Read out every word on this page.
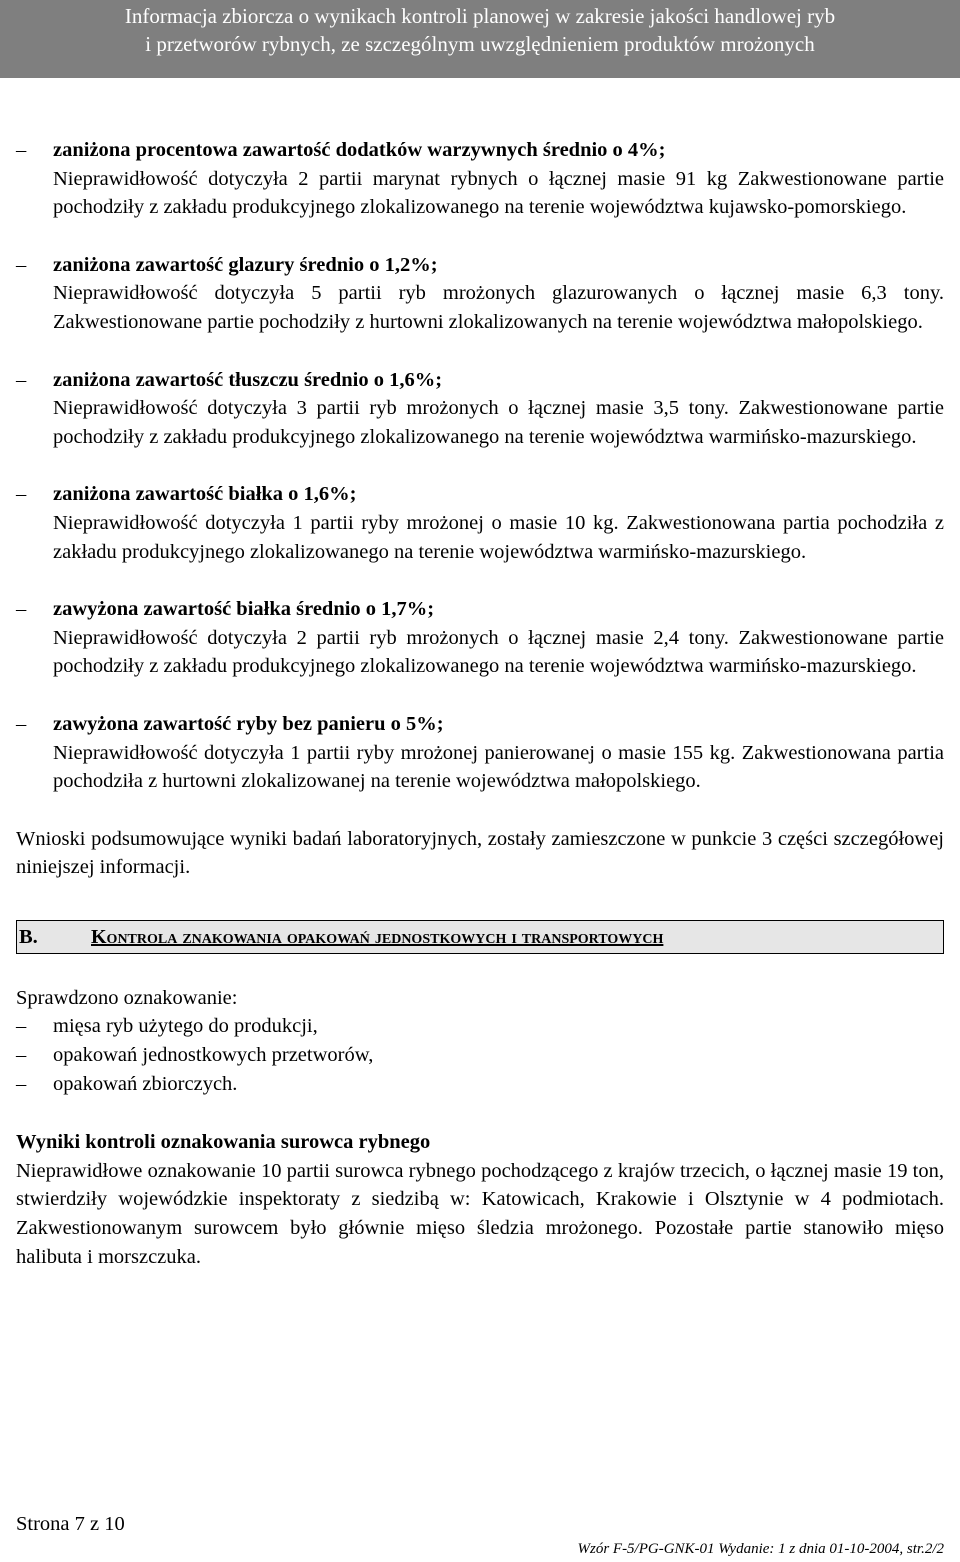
Informacja zbiorcza o wynikach kontroli planowej w zakresie jakości handlowej ryb
i przetworów rybnych, ze szczególnym uwzględnieniem produktów mrożonych
–	zaniżona procentowa zawartość dodatków warzywnych średnio o 4%;
Nieprawidłowość dotyczyła 2 partii marynat rybnych o łącznej masie 91 kg Zakwestionowane partie pochodziły z zakładu produkcyjnego zlokalizowanego na terenie województwa kujawsko-pomorskiego.
–	zaniżona zawartość glazury średnio o 1,2%;
Nieprawidłowość dotyczyła 5 partii ryb mrożonych glazurowanych o łącznej masie 6,3 tony. Zakwestionowane partie pochodziły z hurtowni zlokalizowanych na terenie województwa małopolskiego.
–	zaniżona zawartość tłuszczu średnio o 1,6%;
Nieprawidłowość dotyczyła 3 partii ryb mrożonych o łącznej masie 3,5 tony. Zakwestionowane partie pochodziły z zakładu produkcyjnego zlokalizowanego na terenie województwa warmińsko-mazurskiego.
–	zaniżona zawartość białka o 1,6%;
Nieprawidłowość dotyczyła 1 partii ryby mrożonej o masie 10 kg. Zakwestionowana partia pochodziła z zakładu produkcyjnego zlokalizowanego na terenie województwa warmińsko-mazurskiego.
–	zawyżona zawartość białka średnio o 1,7%;
Nieprawidłowość dotyczyła 2 partii ryb mrożonych o łącznej masie 2,4 tony. Zakwestionowane partie pochodziły z zakładu produkcyjnego zlokalizowanego na terenie województwa warmińsko-mazurskiego.
–	zawyżona zawartość ryby bez panieru o 5%;
Nieprawidłowość dotyczyła 1 partii ryby mrożonej panierowanej o masie 155 kg. Zakwestionowana partia pochodziła z hurtowni zlokalizowanej na terenie województwa małopolskiego.
Wnioski podsumowujące wyniki badań laboratoryjnych, zostały zamieszczone w punkcie 3 części szczegółowej niniejszej informacji.
B.	Kontrola znakowania opakowań jednostkowych i transportowych
Sprawdzono oznakowanie:
–	mięsa ryb użytego do produkcji,
–	opakowań jednostkowych przetworów,
–	opakowań zbiorczych.
Wyniki kontroli oznakowania surowca rybnego
Nieprawidłowe oznakowanie 10 partii surowca rybnego pochodzącego z krajów trzecich, o łącznej masie 19 ton, stwierdziły wojewódzkie inspektoraty z siedzibą w: Katowicach, Krakowie i Olsztynie w 4 podmiotach. Zakwestionowanym surowcem było głównie mięso śledzia mrożonego. Pozostałe partie stanowiło mięso halibuta i morszczuka.
Strona 7 z 10
Wzór F-5/PG-GNK-01 Wydanie: 1 z dnia 01-10-2004, str.2/2
